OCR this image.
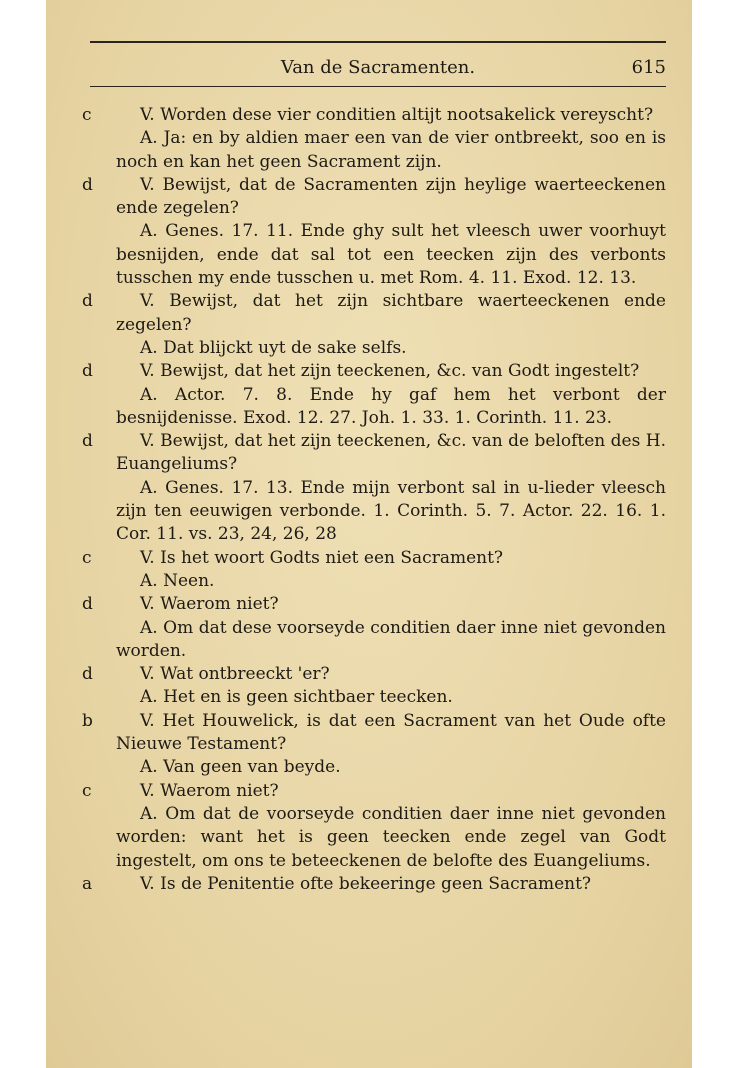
Van de Sacramenten.	615
c	V. Worden dese vier conditien altijt nootsakelick vereyscht?

A. Ja: en by aldien maer een van de vier ontbreekt, soo en is noch en kan het geen Sacrament zijn.

d	V. Bewijst, dat de Sacramenten zijn heylige waerteeckenen ende zegelen?

A. Genes. 17. 11. Ende ghy sult het vleesch uwer voorhuyt besnijden, ende dat sal tot een teecken zijn des verbonts tusschen my ende tusschen u. met Rom. 4. 11. Exod. 12. 13.

d	V. Bewijst, dat het zijn sichtbare waerteeckenen ende zegelen?

A. Dat blijckt uyt de sake selfs.

d	V. Bewijst, dat het zijn teeckenen, &c. van Godt ingestelt?

A. Actor. 7. 8. Ende hy gaf hem het verbont der besnijdenisse. Exod. 12. 27. Joh. 1. 33. 1. Corinth. 11. 23.

d	V. Bewijst, dat het zijn teeckenen, &c. van de beloften des H. Euangeliums?

A. Genes. 17. 13. Ende mijn verbont sal in u-lieder vleesch zijn ten eeuwigen verbonde. 1. Corinth. 5. 7. Actor. 22. 16. 1. Cor. 11. vs. 23, 24, 26, 28

c	V. Is het woort Godts niet een Sacrament?

A. Neen.

d	V. Waerom niet?

A. Om dat dese voorseyde conditien daer inne niet gevonden worden.

d	V. Wat ontbreeckt 'er?

A. Het en is geen sichtbaer teecken.

b	V. Het Houwelick, is dat een Sacrament van het Oude ofte Nieuwe Testament?

A. Van geen van beyde.

c	V. Waerom niet?

A. Om dat de voorseyde conditien daer inne niet gevonden worden: want het is geen teecken ende zegel van Godt ingestelt, om ons te beteeckenen de belofte des Euangeliums.

a	V. Is de Penitentie ofte bekeeringe geen Sacrament?
